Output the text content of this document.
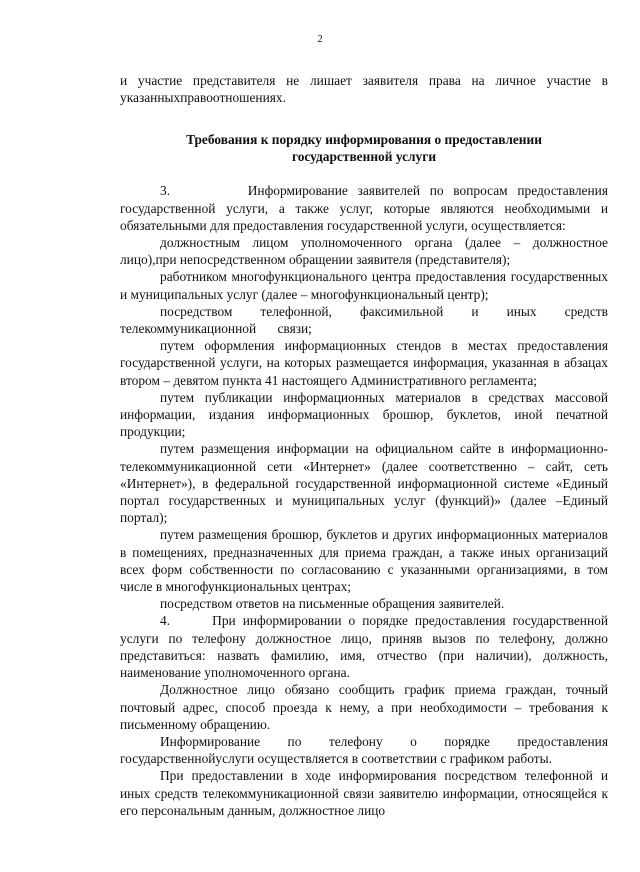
2

и участие представителя не лишает заявителя права на личное участие в указанныхправоотношениях.

Требования к порядку информирования о предоставлении государственной услуги

3.        Информирование заявителей по вопросам предоставления государственной услуги, а также услуг, которые являются необходимыми и обязательными для предоставления государственной услуги, осуществляется:

должностным лицом уполномоченного органа (далее – должностное лицо),при непосредственном обращении заявителя (представителя);

работником многофункционального центра предоставления государственных и муниципальных услуг (далее – многофункциональный центр);

посредством телефонной, факсимильной и иных средств телекоммуникационной связи;

путем оформления информационных стендов в местах предоставления государственной услуги, на которых размещается информация, указанная в абзацах втором – девятом пункта 41 настоящего Административного регламента;

путем публикации информационных материалов в средствах массовой информации, издания информационных брошюр, буклетов, иной печатной продукции;

путем размещения информации на официальном сайте в информационно- телекоммуникационной сети «Интернет» (далее соответственно – сайт, сеть «Интернет»), в федеральной государственной информационной системе «Единый портал государственных и муниципальных услуг (функций)» (далее –Единый портал);

путем размещения брошюр, буклетов и других информационных материалов в помещениях, предназначенных для приема граждан, а также иных организаций всех форм собственности по согласованию с указанными организациями, в том числе в многофункциональных центрах;

посредством ответов на письменные обращения заявителей.

4.      При информировании о порядке предоставления государственной услуги по телефону должностное лицо, приняв вызов по телефону, должно представиться: назвать фамилию, имя, отчество (при наличии), должность, наименование уполномоченного органа.

Должностное лицо обязано сообщить график приема граждан, точный почтовый адрес, способ проезда к нему, а при необходимости – требования к письменному обращению.

Информирование по телефону о порядке предоставления государственнойуслуги осуществляется в соответствии с графиком работы.

При предоставлении в ходе информирования посредством телефонной и иных средств телекоммуникационной связи заявителю информации, относящейся к его персональным данным, должностное лицо
